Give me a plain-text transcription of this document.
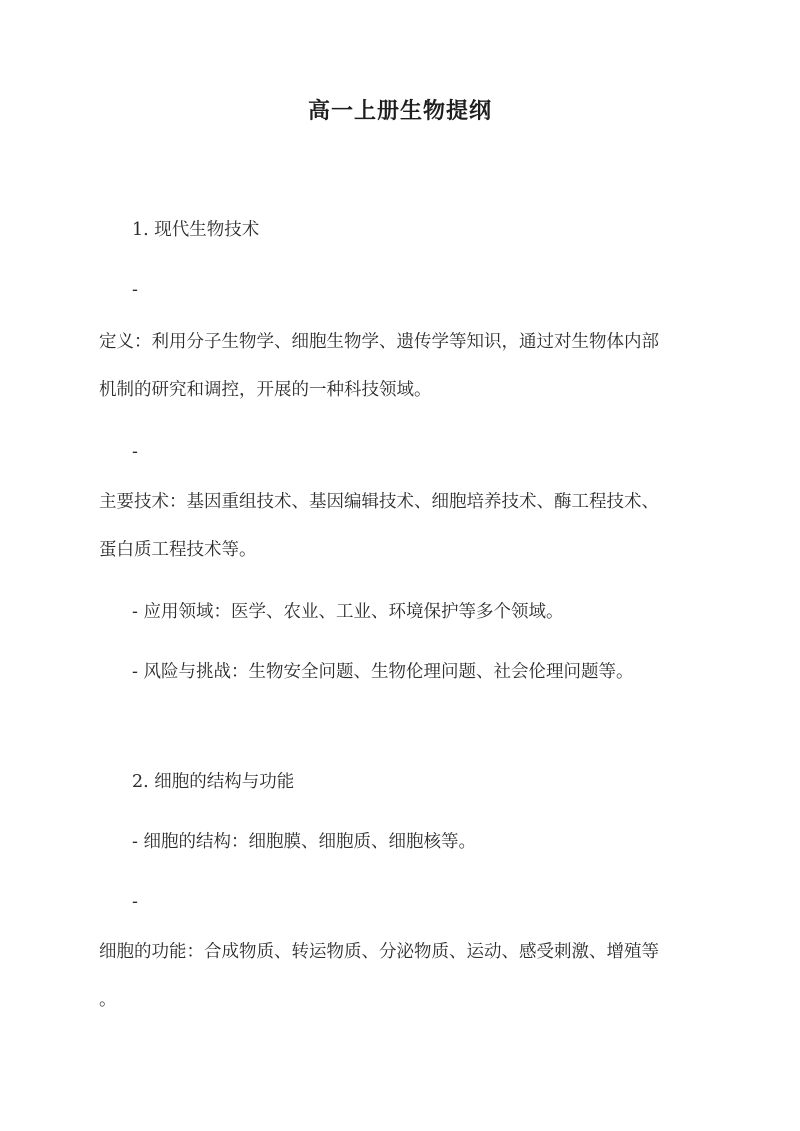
高一上册生物提纲
1. 现代生物技术
-
定义：利用分子生物学、细胞生物学、遗传学等知识，通过对生物体内部
机制的研究和调控，开展的一种科技领域。
-
主要技术：基因重组技术、基因编辑技术、细胞培养技术、酶工程技术、
蛋白质工程技术等。
- 应用领域：医学、农业、工业、环境保护等多个领域。
- 风险与挑战：生物安全问题、生物伦理问题、社会伦理问题等。
2. 细胞的结构与功能
- 细胞的结构：细胞膜、细胞质、细胞核等。
-
细胞的功能：合成物质、转运物质、分泌物质、运动、感受刺激、增殖等
。
